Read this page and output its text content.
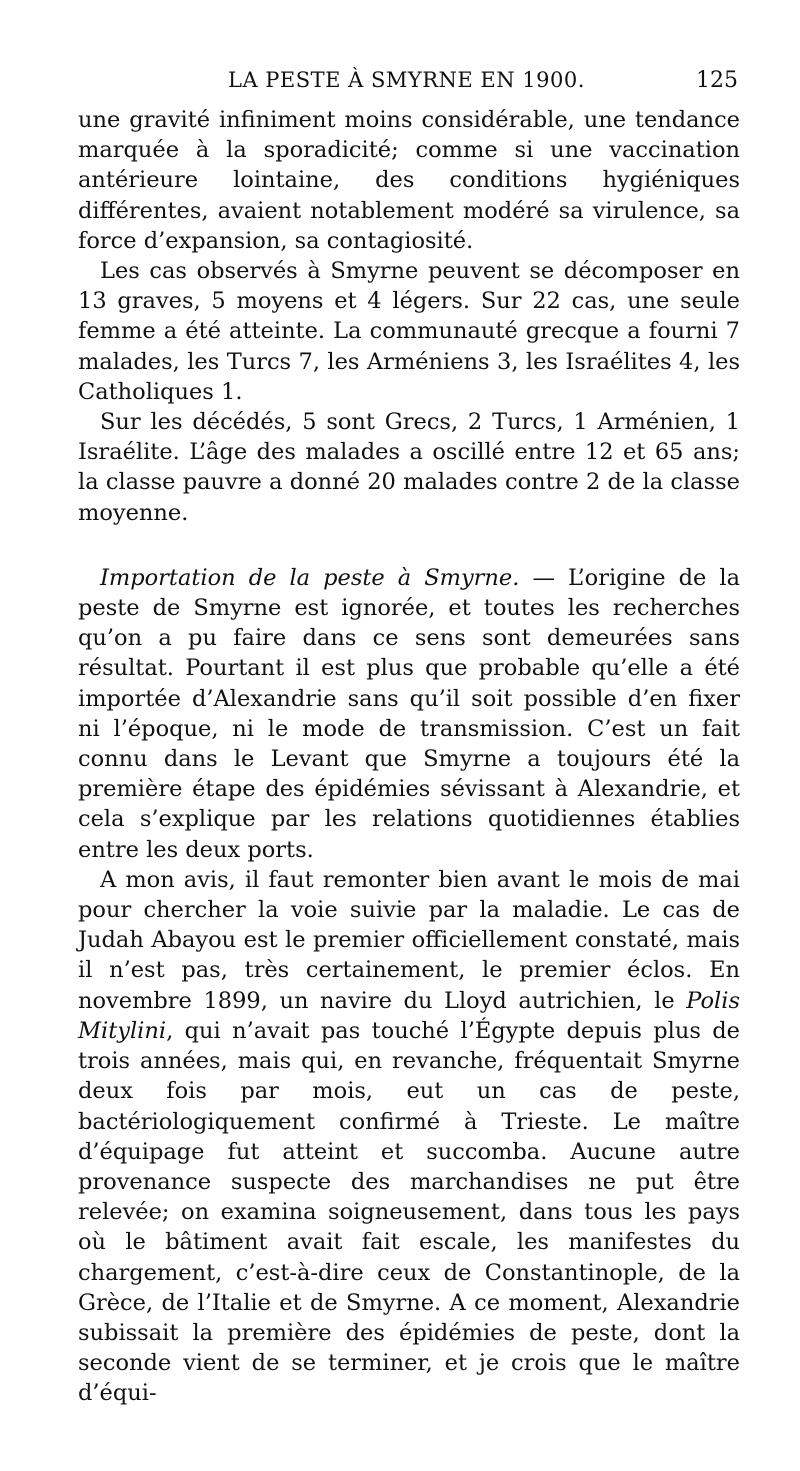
LA PESTE À SMYRNE EN 1900.	125

une gravité infiniment moins considérable, une tendance marquée à la sporadicité; comme si une vaccination antérieure lointaine, des conditions hygiéniques différentes, avaient notablement modéré sa virulence, sa force d’expansion, sa contagiosité.

Les cas observés à Smyrne peuvent se décomposer en 13 graves, 5 moyens et 4 légers. Sur 22 cas, une seule femme a été atteinte. La communauté grecque a fourni 7 malades, les Turcs 7, les Arméniens 3, les Israélites 4, les Catholiques 1.

Sur les décédés, 5 sont Grecs, 2 Turcs, 1 Arménien, 1 Israélite. L’âge des malades a oscillé entre 12 et 65 ans; la classe pauvre a donné 20 malades contre 2 de la classe moyenne.

Importation de la peste à Smyrne. — L’origine de la peste de Smyrne est ignorée, et toutes les recherches qu’on a pu faire dans ce sens sont demeurées sans résultat. Pourtant il est plus que probable qu’elle a été importée d’Alexandrie sans qu’il soit possible d’en fixer ni l’époque, ni le mode de transmission. C’est un fait connu dans le Levant que Smyrne a toujours été la première étape des épidémies sévissant à Alexandrie, et cela s’explique par les relations quotidiennes établies entre les deux ports.

A mon avis, il faut remonter bien avant le mois de mai pour chercher la voie suivie par la maladie. Le cas de Judah Abayou est le premier officiellement constaté, mais il n’est pas, très certainement, le premier éclos. En novembre 1899, un navire du Lloyd autrichien, le Polis Mitylini, qui n’avait pas touché l’Égypte depuis plus de trois années, mais qui, en revanche, fréquentait Smyrne deux fois par mois, eut un cas de peste, bactériologiquement confirmé à Trieste. Le maître d’équipage fut atteint et succomba. Aucune autre provenance suspecte des marchandises ne put être relevée; on examina soigneusement, dans tous les pays où le bâtiment avait fait escale, les manifestes du chargement, c’est-à-dire ceux de Constantinople, de la Grèce, de l’Italie et de Smyrne. A ce moment, Alexandrie subissait la première des épidémies de peste, dont la seconde vient de se terminer, et je crois que le maître d’équi-
